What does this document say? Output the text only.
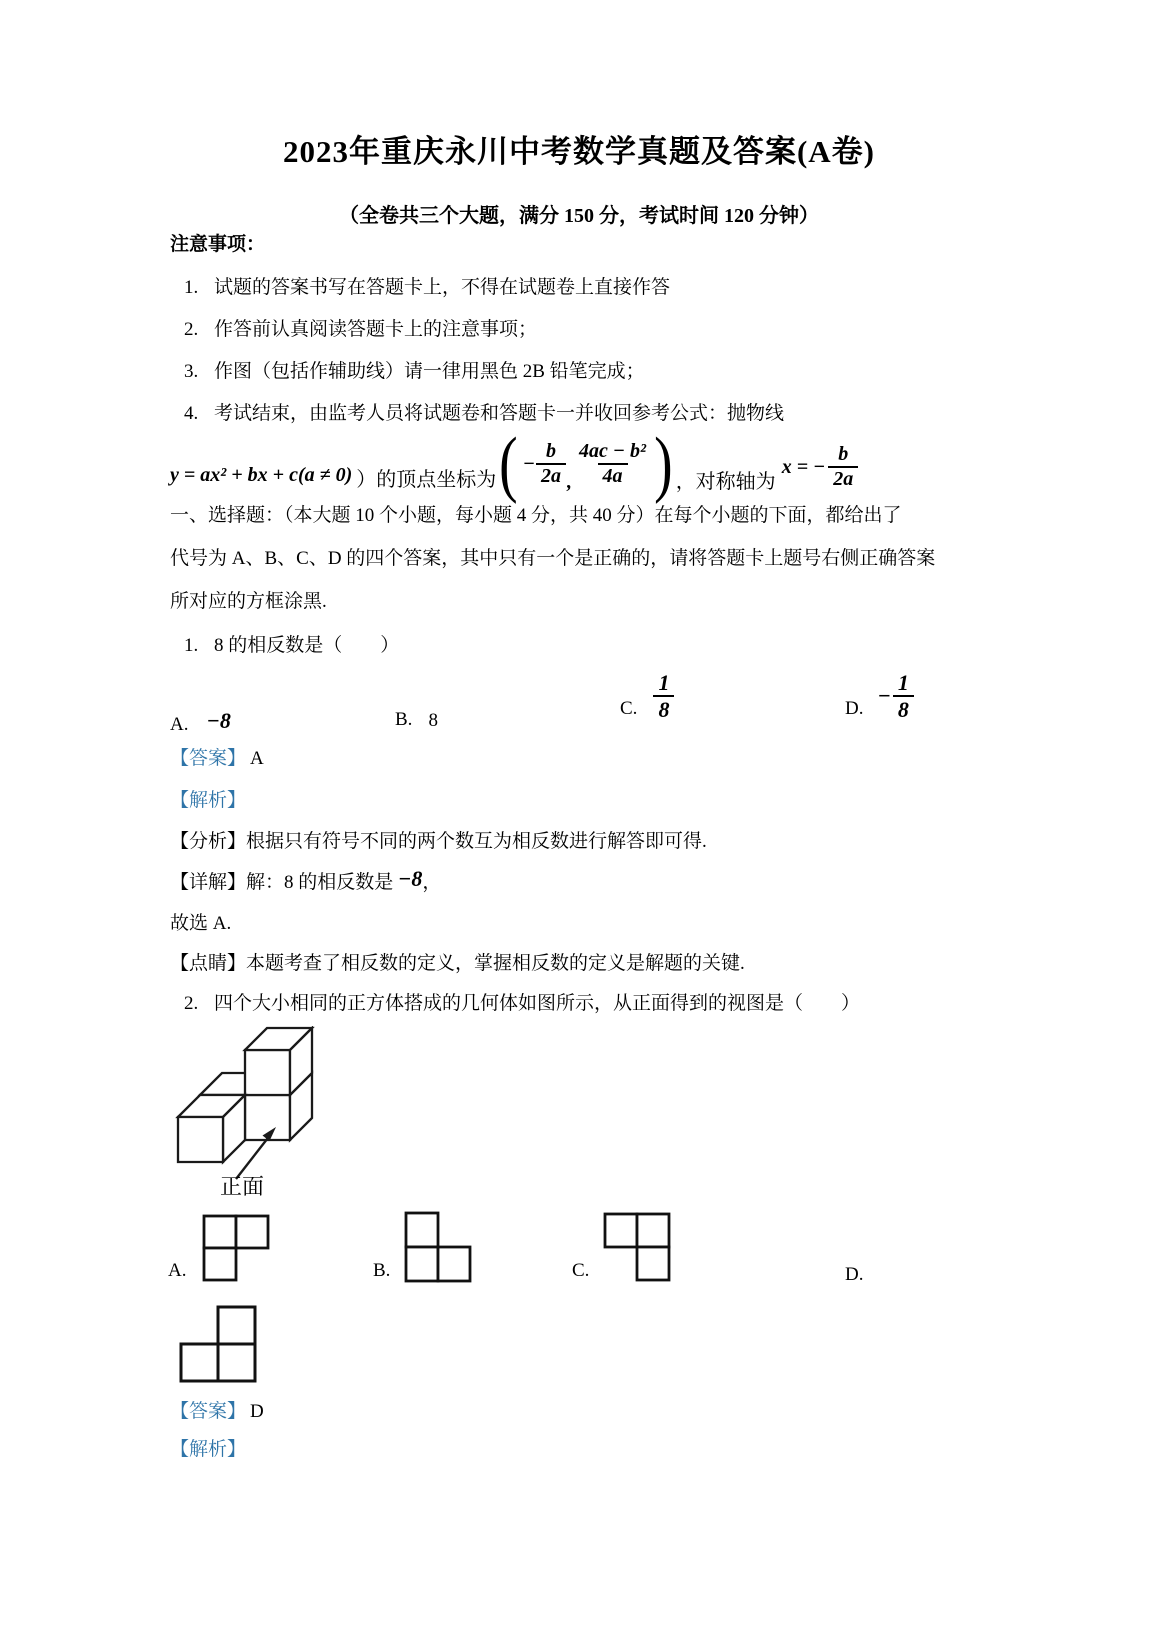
2023年重庆永川中考数学真题及答案(A卷)
（全卷共三个大题，满分 150 分，考试时间 120 分钟）
注意事项：
1. 试题的答案书写在答题卡上，不得在试题卷上直接作答
2. 作答前认真阅读答题卡上的注意事项；
3. 作图（包括作辅助线）请一律用黑色 2B 铅笔完成；
4. 考试结束，由监考人员将试题卷和答题卡一并收回参考公式：抛物线
y = ax² + bx + c(a ≠ 0) ）的顶点坐标为 ( − $\frac{b}{2a}$ , $\frac{\text{4ac − b²}}{4a}$ ) ，对称轴为
x = − $\frac{b}{2a}$
一、选择题：（本大题 10 个小题，每小题 4 分，共 40 分）在每个小题的下面，都给出了
代号为 A、B、C、D 的四个答案，其中只有一个是正确的，请将答题卡上题号右侧正确答案
所对应的方框涂黑.
1. 8 的相反数是（　　）
A. −8	B. 8
C. $\frac{1}{8}$	D. − $\frac{1}{8}$
【答案】 A
【解析】
【分析】根据只有符号不同的两个数互为相反数进行解答即可得.
【详解】解：8 的相反数是 −8，
故选 A.
【点睛】本题考查了相反数的定义，掌握相反数的定义是解题的关键.
2. 四个大小相同的正方体搭成的几何体如图所示，从正面得到的视图是（　　）
正面
A.	B.	C.	D.
【答案】 D
【解析】
